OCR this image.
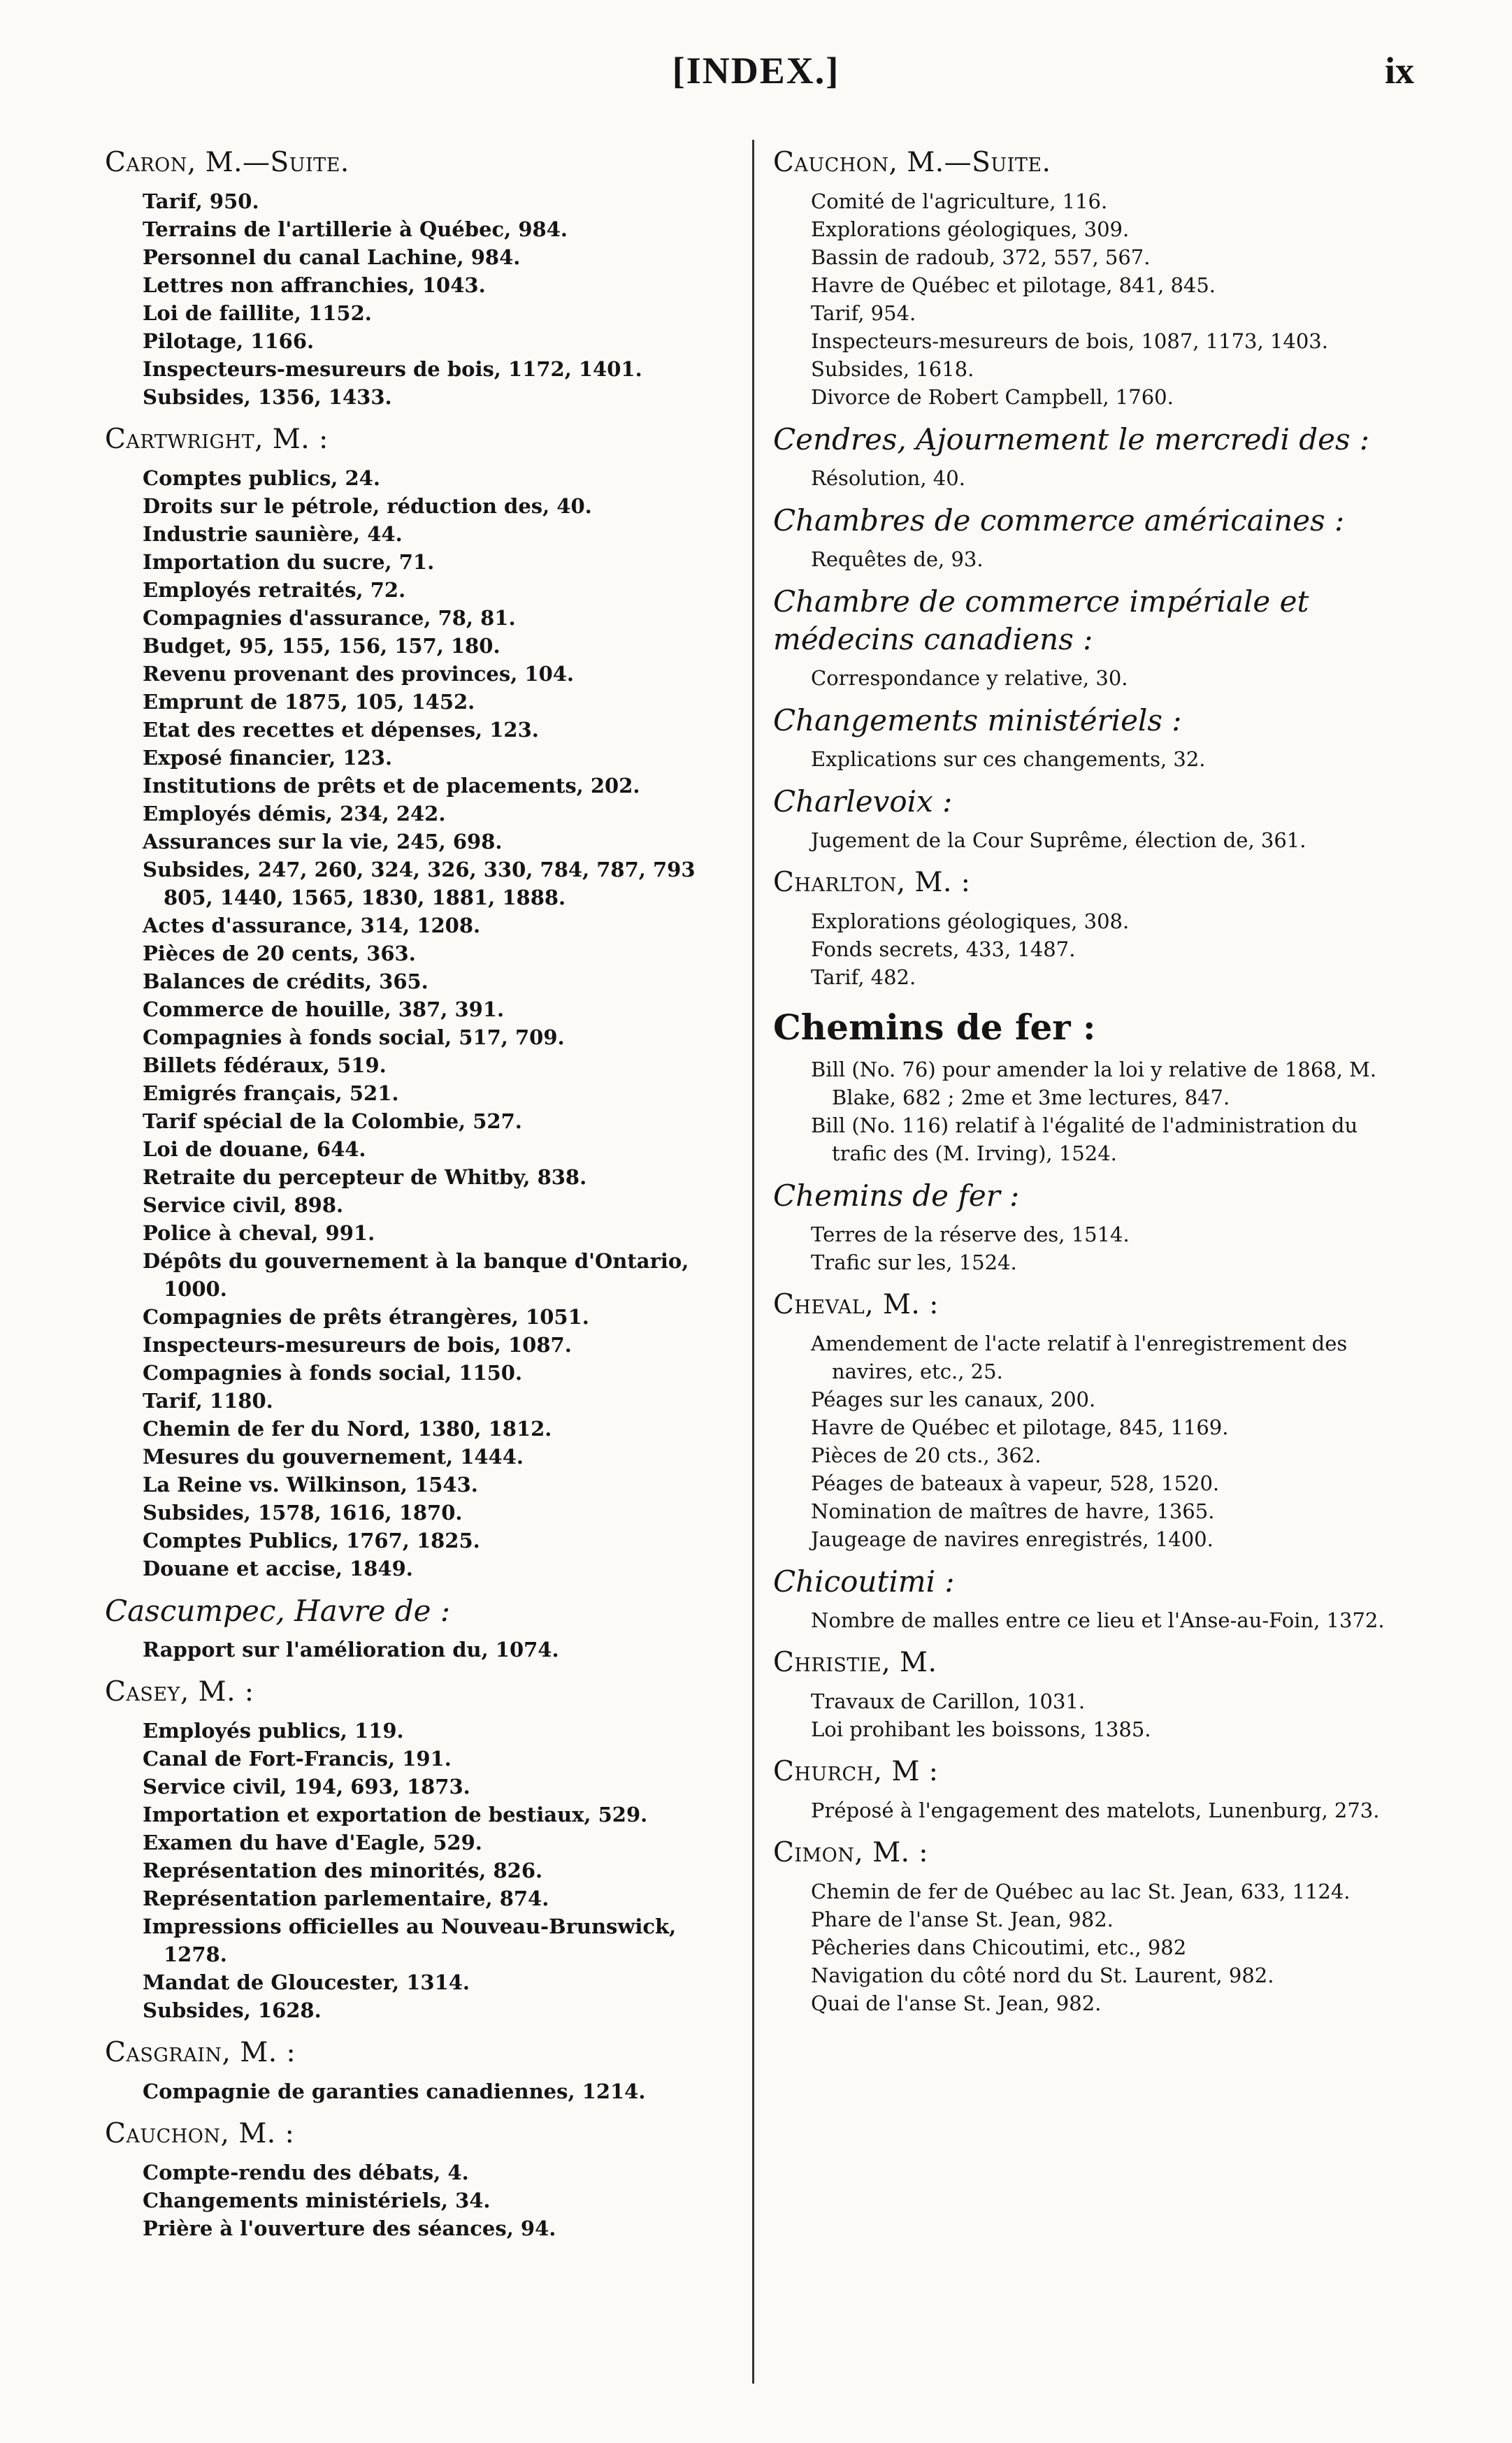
[INDEX.]	ix
Caron, M.—Suite.
Tarif, 950.
Terrains de l'artillerie à Québec, 984.
Personnel du canal Lachine, 984.
Lettres non affranchies, 1043.
Loi de faillite, 1152.
Pilotage, 1166.
Inspecteurs-mesureurs de bois, 1172, 1401.
Subsides, 1356, 1433.
Cartwright, M. :
Comptes publics, 24.
Droits sur le pétrole, réduction des, 40.
Industrie saunière, 44.
Importation du sucre, 71.
Employés retraités, 72.
Compagnies d'assurance, 78, 81.
Budget, 95, 155, 156, 157, 180.
Revenu provenant des provinces, 104.
Emprunt de 1875, 105, 1452.
Etat des recettes et dépenses, 123.
Exposé financier, 123.
Institutions de prêts et de placements, 202.
Employés démis, 234, 242.
Assurances sur la vie, 245, 698.
Subsides, 247, 260, 324, 326, 330, 784, 787, 793 805, 1440, 1565, 1830, 1881, 1888.
Actes d'assurance, 314, 1208.
Pièces de 20 cents, 363.
Balances de crédits, 365.
Commerce de houille, 387, 391.
Compagnies à fonds social, 517, 709.
Billets fédéraux, 519.
Emigrés français, 521.
Tarif spécial de la Colombie, 527.
Loi de douane, 644.
Retraite du percepteur de Whitby, 838.
Service civil, 898.
Police à cheval, 991.
Dépôts du gouvernement à la banque d'Ontario, 1000.
Compagnies de prêts étrangères, 1051.
Inspecteurs-mesureurs de bois, 1087.
Compagnies à fonds social, 1150.
Tarif, 1180.
Chemin de fer du Nord, 1380, 1812.
Mesures du gouvernement, 1444.
La Reine vs. Wilkinson, 1543.
Subsides, 1578, 1616, 1870.
Comptes Publics, 1767, 1825.
Douane et accise, 1849.
Cascumpec, Havre de :
Rapport sur l'amélioration du, 1074.
Casey, M. :
Employés publics, 119.
Canal de Fort-Francis, 191.
Service civil, 194, 693, 1873.
Importation et exportation de bestiaux, 529.
Examen du have d'Eagle, 529.
Représentation des minorités, 826.
Représentation parlementaire, 874.
Impressions officielles au Nouveau-Brunswick, 1278.
Mandat de Gloucester, 1314.
Subsides, 1628.
Casgrain, M. :
Compagnie de garanties canadiennes, 1214.
Cauchon, M. :
Compte-rendu des débats, 4.
Changements ministériels, 34.
Prière à l'ouverture des séances, 94.
Cauchon, M.—Suite.
Comité de l'agriculture, 116.
Explorations géologiques, 309.
Bassin de radoub, 372, 557, 567.
Havre de Québec et pilotage, 841, 845.
Tarif, 954.
Inspecteurs-mesureurs de bois, 1087, 1173, 1403.
Subsides, 1618.
Divorce de Robert Campbell, 1760.
Cendres, Ajournement le mercredi des :
Résolution, 40.
Chambres de commerce américaines :
Requêtes de, 93.
Chambre de commerce impériale et médecins canadiens :
Correspondance y relative, 30.
Changements ministériels :
Explications sur ces changements, 32.
Charlevoix :
Jugement de la Cour Suprême, élection de, 361.
Charlton, M. :
Explorations géologiques, 308.
Fonds secrets, 433, 1487.
Tarif, 482.
Chemins de fer :
Bill (No. 76) pour amender la loi y relative de 1868, M. Blake, 682 ; 2me et 3me lectures, 847.
Bill (No. 116) relatif à l'égalité de l'administration du trafic des (M. Irving), 1524.
Chemins de fer :
Terres de la réserve des, 1514.
Trafic sur les, 1524.
Cheval, M. :
Amendement de l'acte relatif à l'enregistrement des navires, etc., 25.
Péages sur les canaux, 200.
Havre de Québec et pilotage, 845, 1169.
Pièces de 20 cts., 362.
Péages de bateaux à vapeur, 528, 1520.
Nomination de maîtres de havre, 1365.
Jaugeage de navires enregistrés, 1400.
Chicoutimi :
Nombre de malles entre ce lieu et l'Anse-au-Foin, 1372.
Christie, M.
Travaux de Carillon, 1031.
Loi prohibant les boissons, 1385.
Church, M :
Préposé à l'engagement des matelots, Lunenburg, 273.
Cimon, M. :
Chemin de fer de Québec au lac St. Jean, 633, 1124.
Phare de l'anse St. Jean, 982.
Pêcheries dans Chicoutimi, etc., 982
Navigation du côté nord du St. Laurent, 982.
Quai de l'anse St. Jean, 982.
